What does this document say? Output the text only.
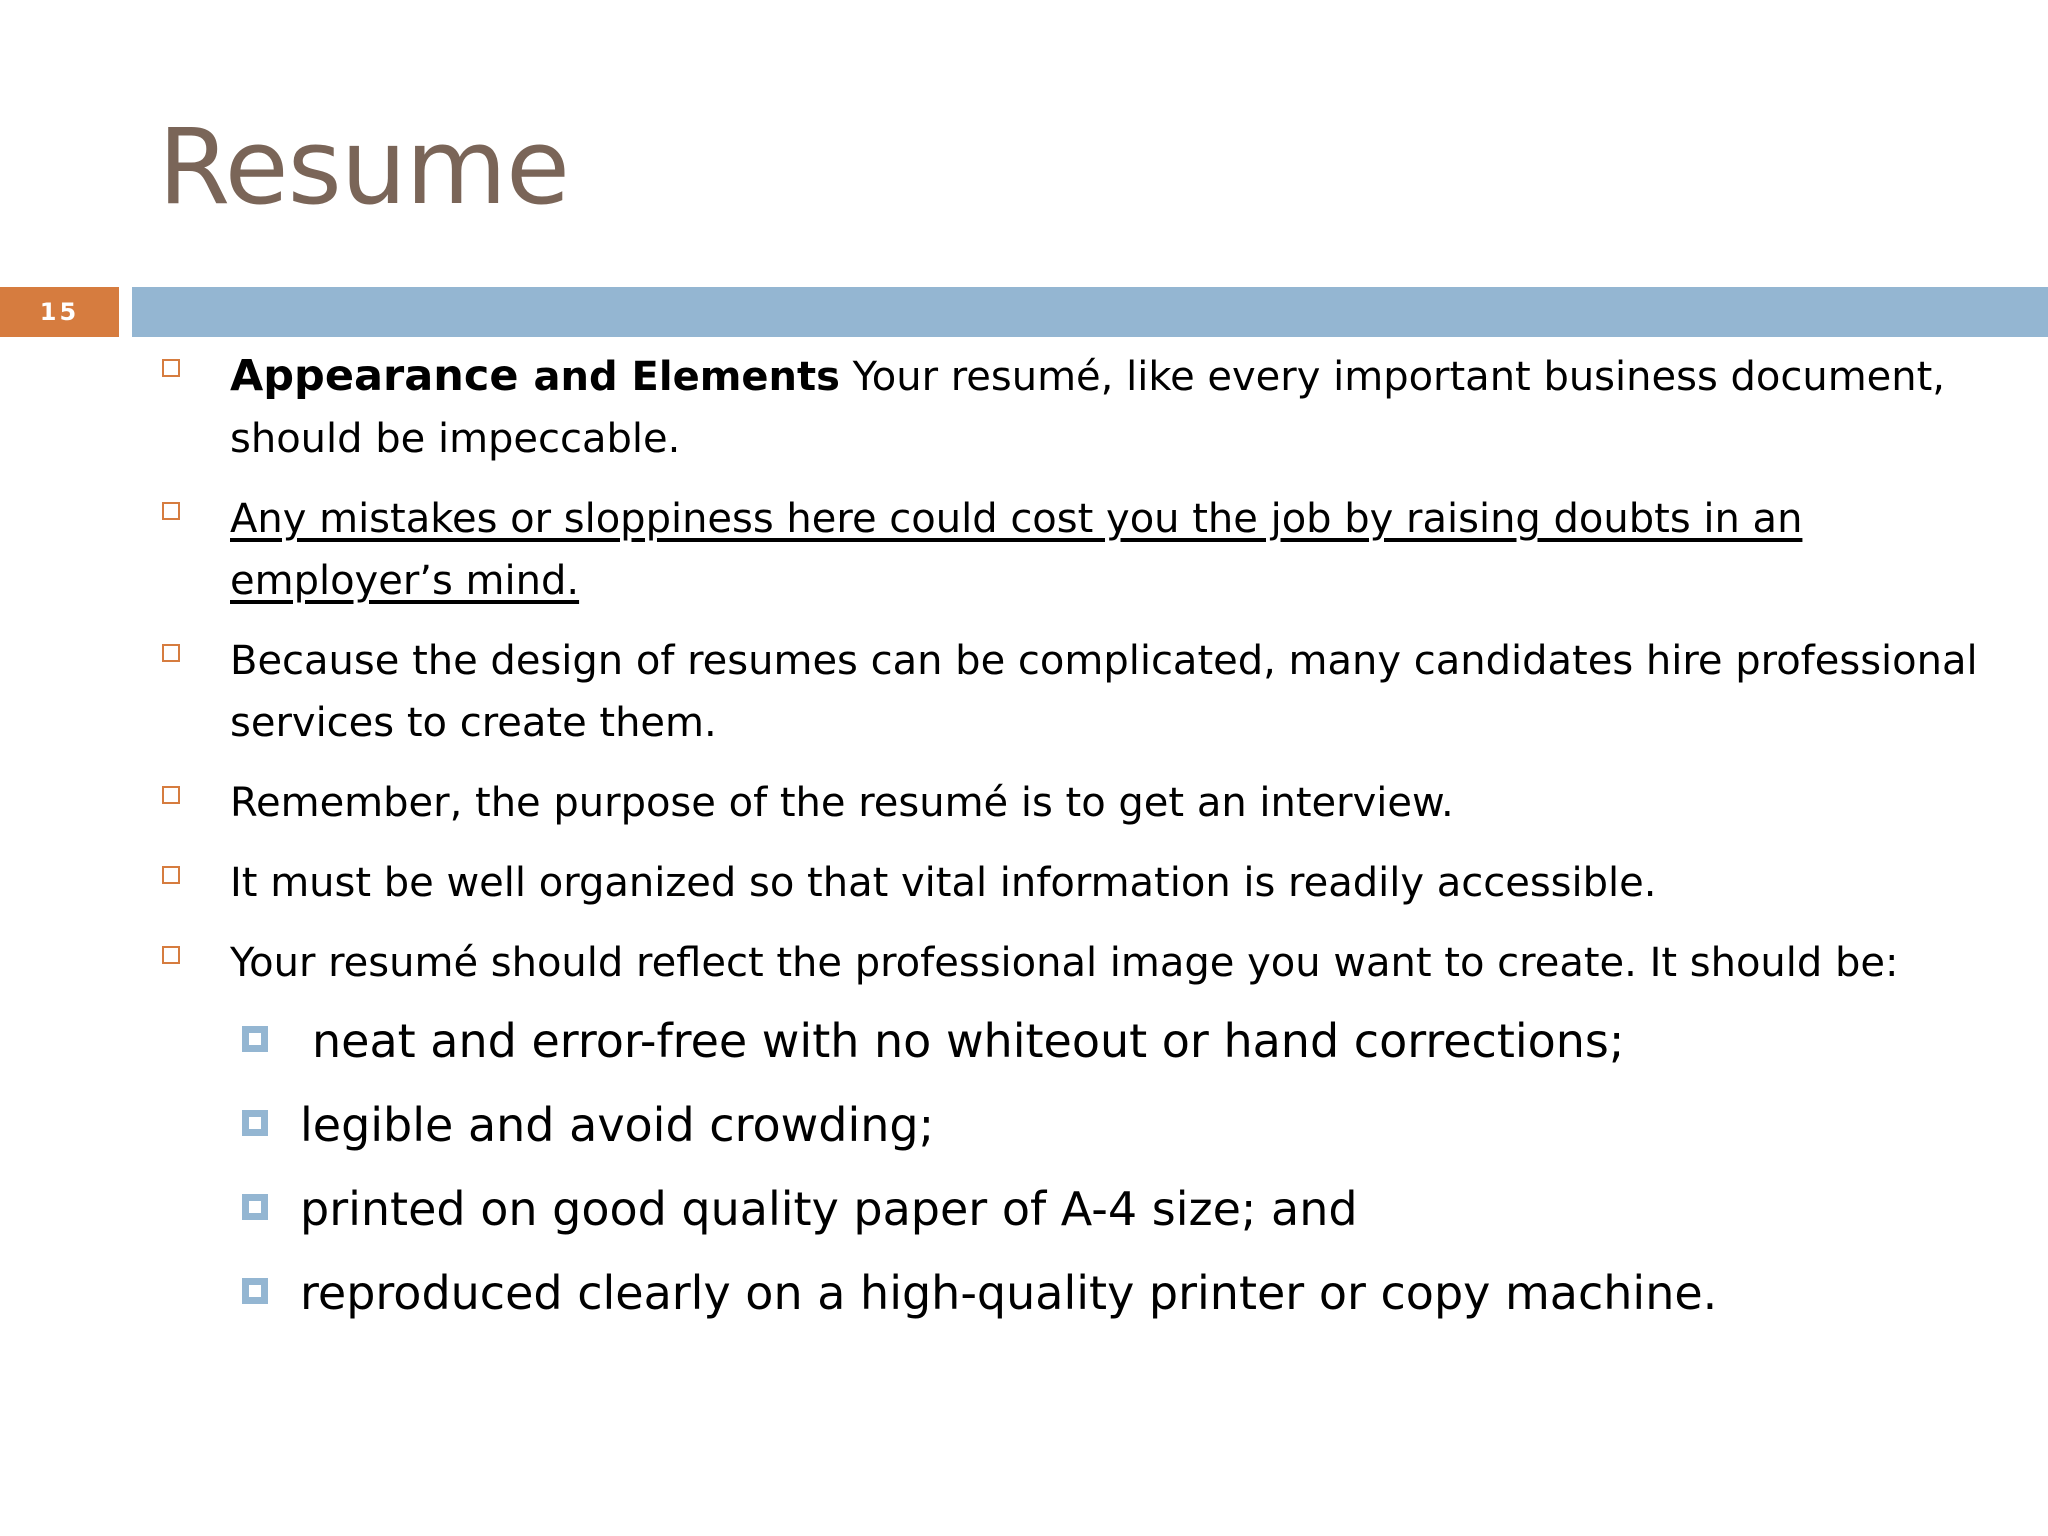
Resume
15
Appearance and Elements Your resumé, like every important business document, should be impeccable.
Any mistakes or sloppiness here could cost you the job by raising doubts in an employer’s mind.
Because the design of resumes can be complicated, many candidates hire professional services to create them.
Remember, the purpose of the resumé is to get an interview.
It must be well organized so that vital information is readily accessible.
Your resumé should reflect the professional image you want to create. It should be:
neat and error-free with no whiteout or hand corrections;
legible and avoid crowding;
printed on good quality paper of A-4 size; and
reproduced clearly on a high-quality printer or copy machine.
